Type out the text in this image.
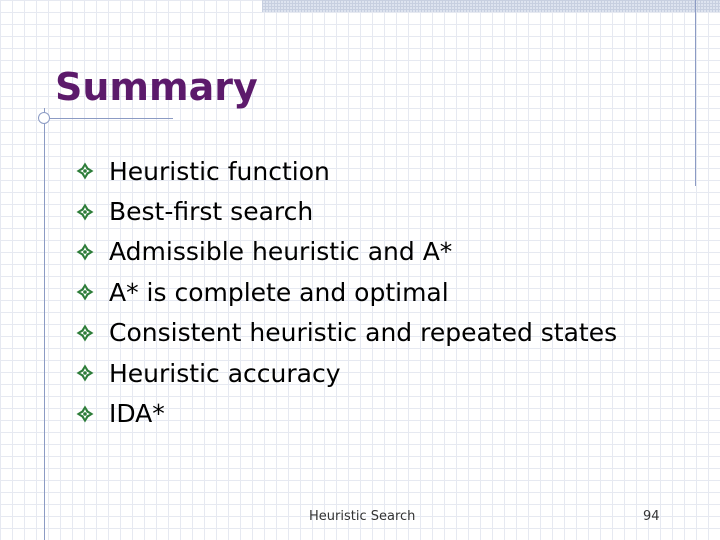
Summary
Heuristic function
Best-first search
Admissible heuristic and A*
A* is complete and optimal
Consistent heuristic and repeated states
Heuristic accuracy
IDA*
Heuristic Search	94
